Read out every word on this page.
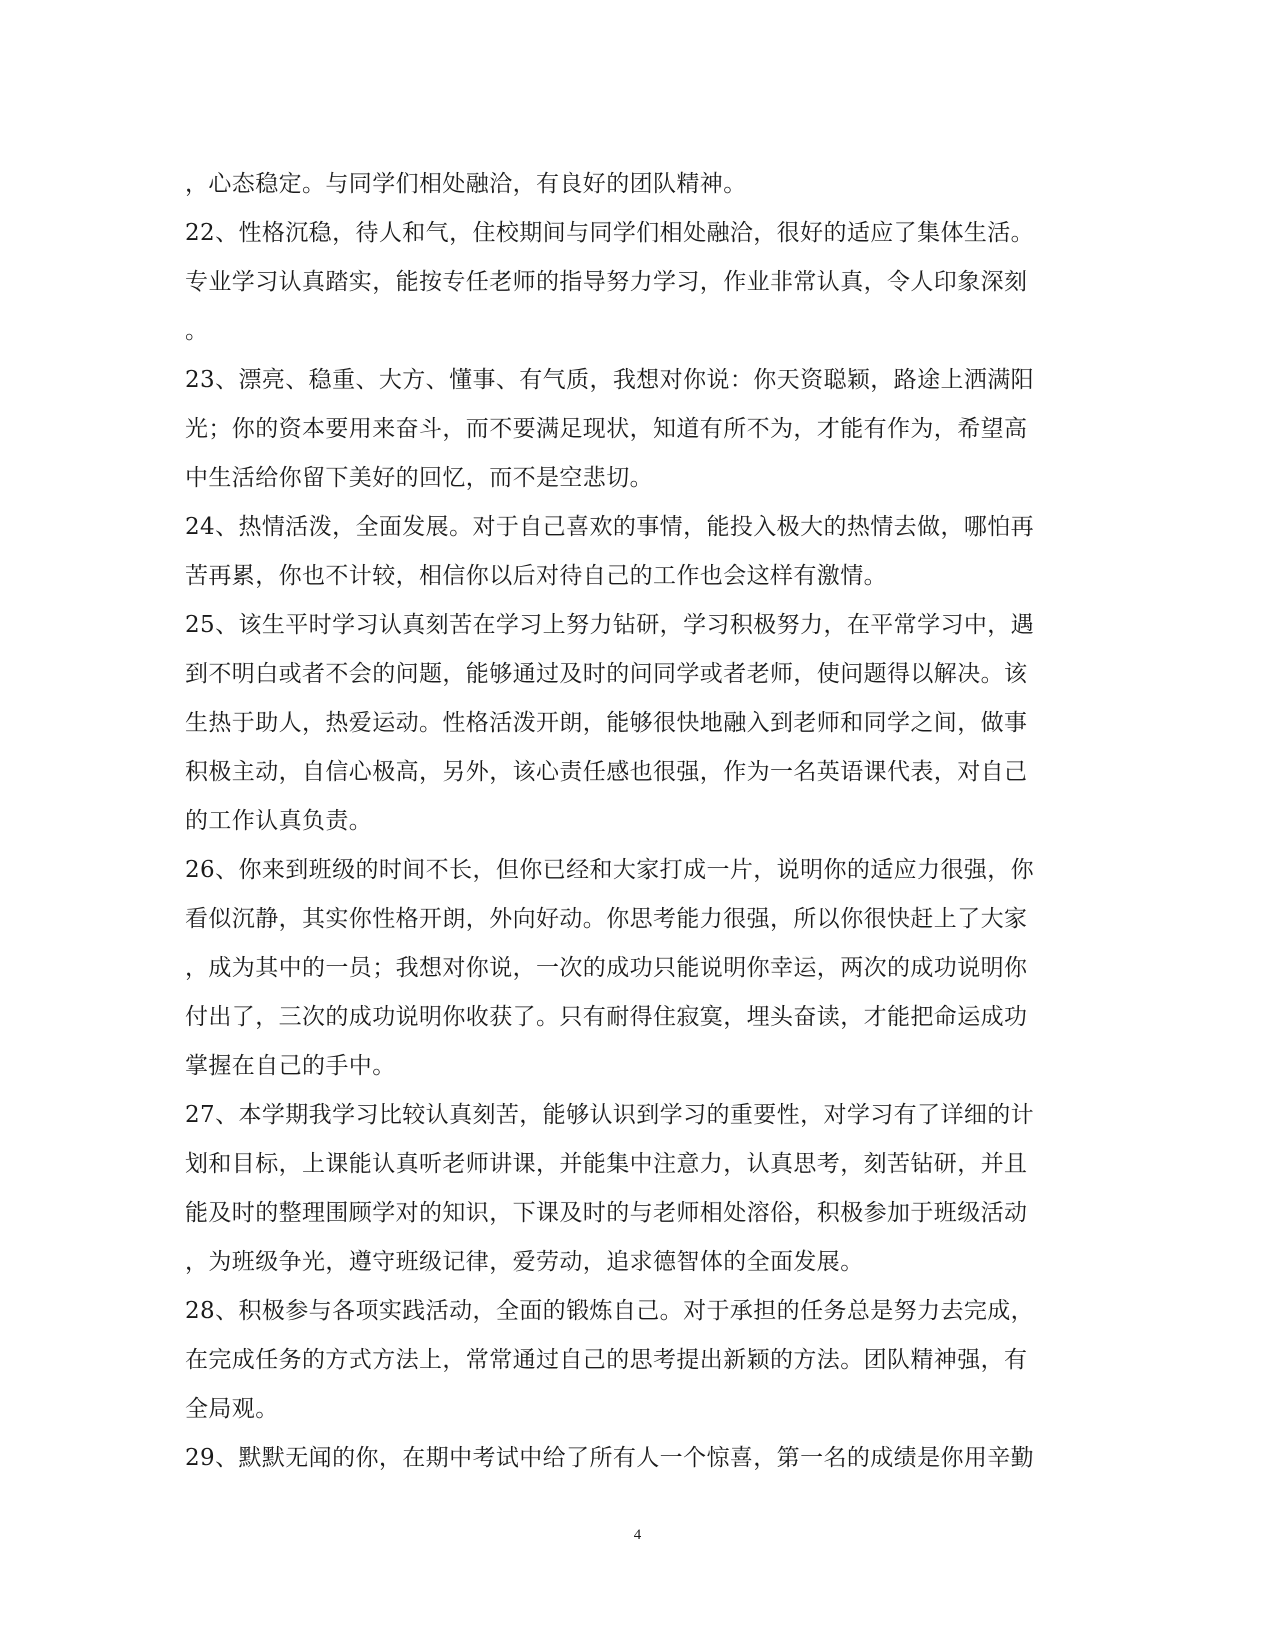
，心态稳定。与同学们相处融洽，有良好的团队精神。
22、性格沉稳，待人和气，住校期间与同学们相处融洽，很好的适应了集体生活。
专业学习认真踏实，能按专任老师的指导努力学习，作业非常认真，令人印象深刻
。
23、漂亮、稳重、大方、懂事、有气质，我想对你说：你天资聪颖，路途上洒满阳
光；你的资本要用来奋斗，而不要满足现状，知道有所不为，才能有作为，希望高
中生活给你留下美好的回忆，而不是空悲切。
24、热情活泼，全面发展。对于自己喜欢的事情，能投入极大的热情去做，哪怕再
苦再累，你也不计较，相信你以后对待自己的工作也会这样有激情。
25、该生平时学习认真刻苦在学习上努力钻研，学习积极努力，在平常学习中，遇
到不明白或者不会的问题，能够通过及时的问同学或者老师，使问题得以解决。该
生热于助人，热爱运动。性格活泼开朗，能够很快地融入到老师和同学之间，做事
积极主动，自信心极高，另外，该心责任感也很强，作为一名英语课代表，对自己
的工作认真负责。
26、你来到班级的时间不长，但你已经和大家打成一片，说明你的适应力很强，你
看似沉静，其实你性格开朗，外向好动。你思考能力很强，所以你很快赶上了大家
，成为其中的一员；我想对你说，一次的成功只能说明你幸运，两次的成功说明你
付出了，三次的成功说明你收获了。只有耐得住寂寞，埋头奋读，才能把命运成功
掌握在自己的手中。
27、本学期我学习比较认真刻苦，能够认识到学习的重要性，对学习有了详细的计
划和目标，上课能认真听老师讲课，并能集中注意力，认真思考，刻苦钻研，并且
能及时的整理围顾学对的知识，下课及时的与老师相处溶俗，积极参加于班级活动
，为班级争光，遵守班级记律，爱劳动，追求德智体的全面发展。
28、积极参与各项实践活动，全面的锻炼自己。对于承担的任务总是努力去完成，
在完成任务的方式方法上，常常通过自己的思考提出新颖的方法。团队精神强，有
全局观。
29、默默无闻的你，在期中考试中给了所有人一个惊喜，第一名的成绩是你用辛勤
4
